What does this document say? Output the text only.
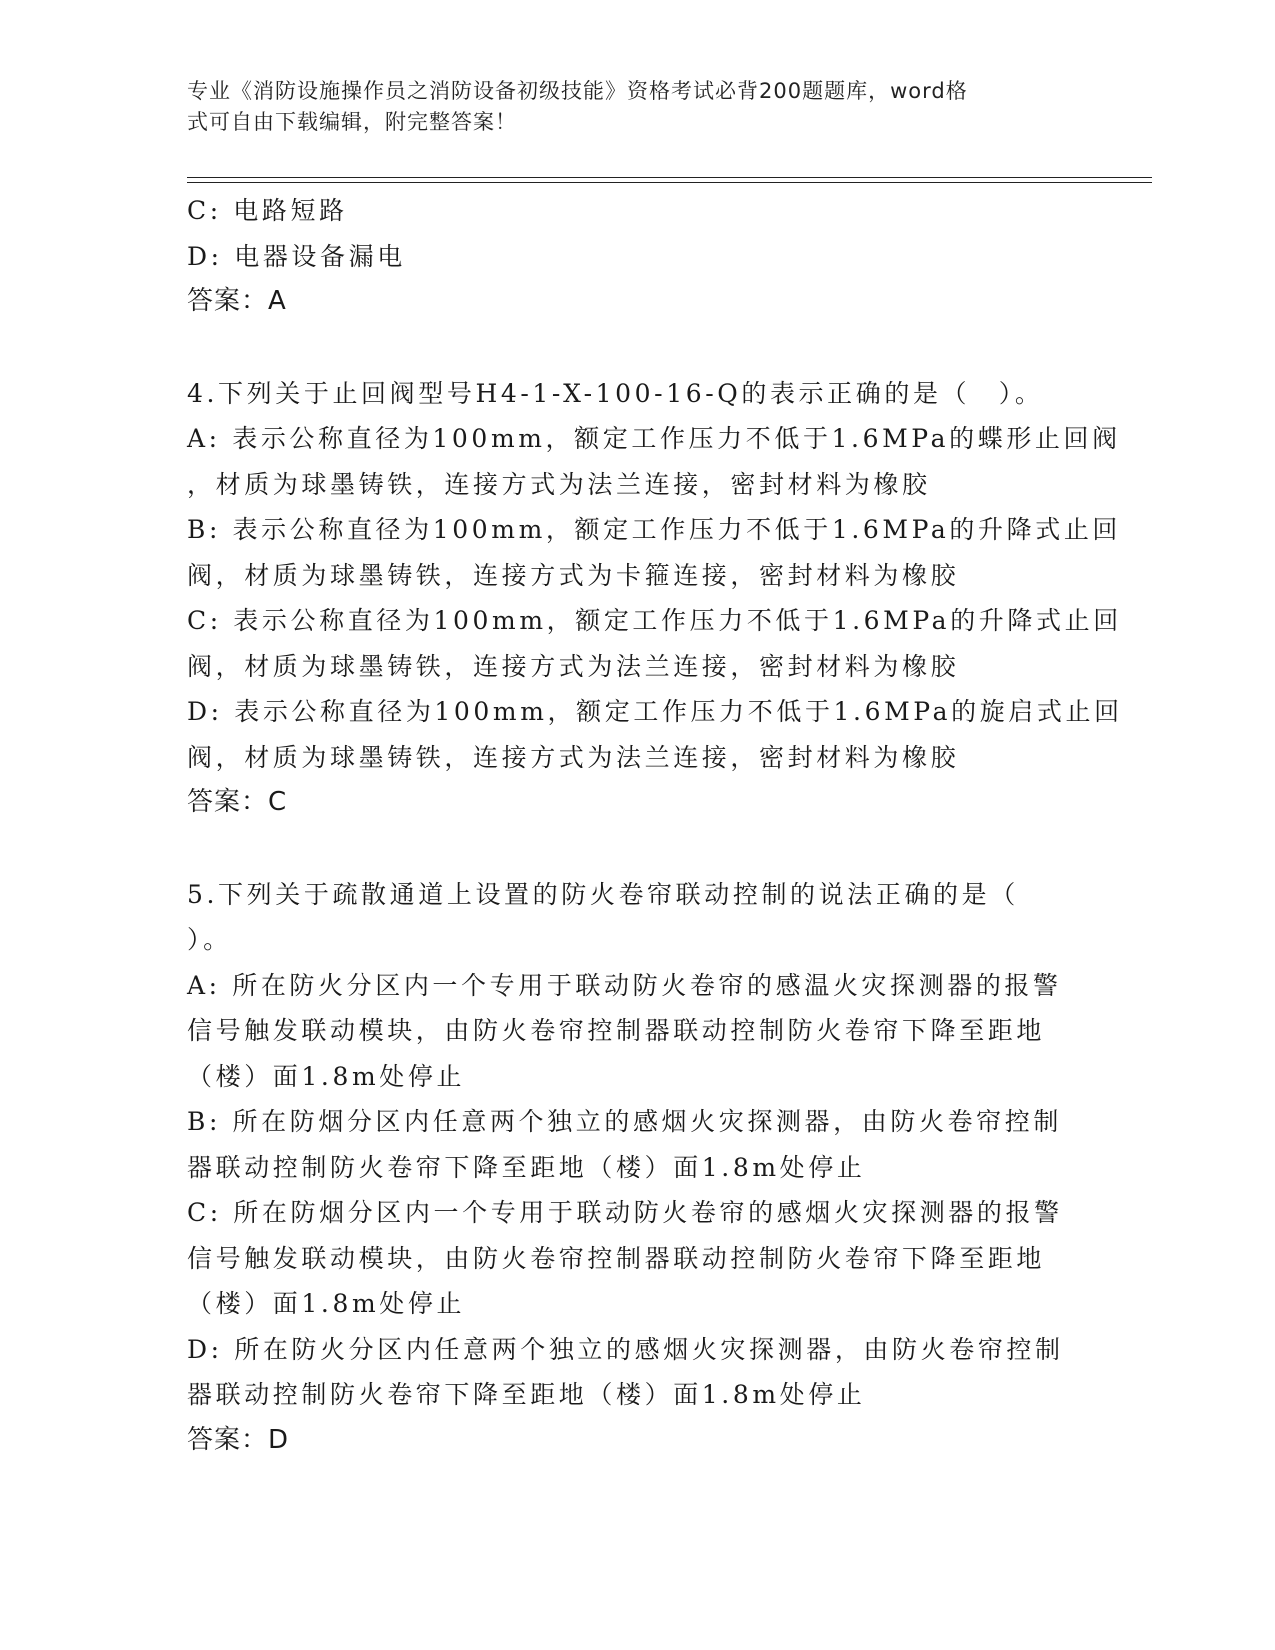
专业《消防设施操作员之消防设备初级技能》资格考试必背200题题库，word格
式可自由下载编辑，附完整答案！
C: 电路短路
D: 电器设备漏电
答案：A
4.下列关于止回阀型号H4-1-X-100-16-Q的表示正确的是（　）。
A: 表示公称直径为100mm，额定工作压力不低于1.6MPa的蝶形止回阀
，材质为球墨铸铁，连接方式为法兰连接，密封材料为橡胶
B: 表示公称直径为100mm，额定工作压力不低于1.6MPa的升降式止回
阀，材质为球墨铸铁，连接方式为卡箍连接，密封材料为橡胶
C: 表示公称直径为100mm，额定工作压力不低于1.6MPa的升降式止回
阀，材质为球墨铸铁，连接方式为法兰连接，密封材料为橡胶
D: 表示公称直径为100mm，额定工作压力不低于1.6MPa的旋启式止回
阀，材质为球墨铸铁，连接方式为法兰连接，密封材料为橡胶
答案：C
5.下列关于疏散通道上设置的防火卷帘联动控制的说法正确的是（
）。
A: 所在防火分区内一个专用于联动防火卷帘的感温火灾探测器的报警
信号触发联动模块，由防火卷帘控制器联动控制防火卷帘下降至距地
（楼）面1.8m处停止
B: 所在防烟分区内任意两个独立的感烟火灾探测器，由防火卷帘控制
器联动控制防火卷帘下降至距地（楼）面1.8m处停止
C: 所在防烟分区内一个专用于联动防火卷帘的感烟火灾探测器的报警
信号触发联动模块，由防火卷帘控制器联动控制防火卷帘下降至距地
（楼）面1.8m处停止
D: 所在防火分区内任意两个独立的感烟火灾探测器，由防火卷帘控制
器联动控制防火卷帘下降至距地（楼）面1.8m处停止
答案：D
